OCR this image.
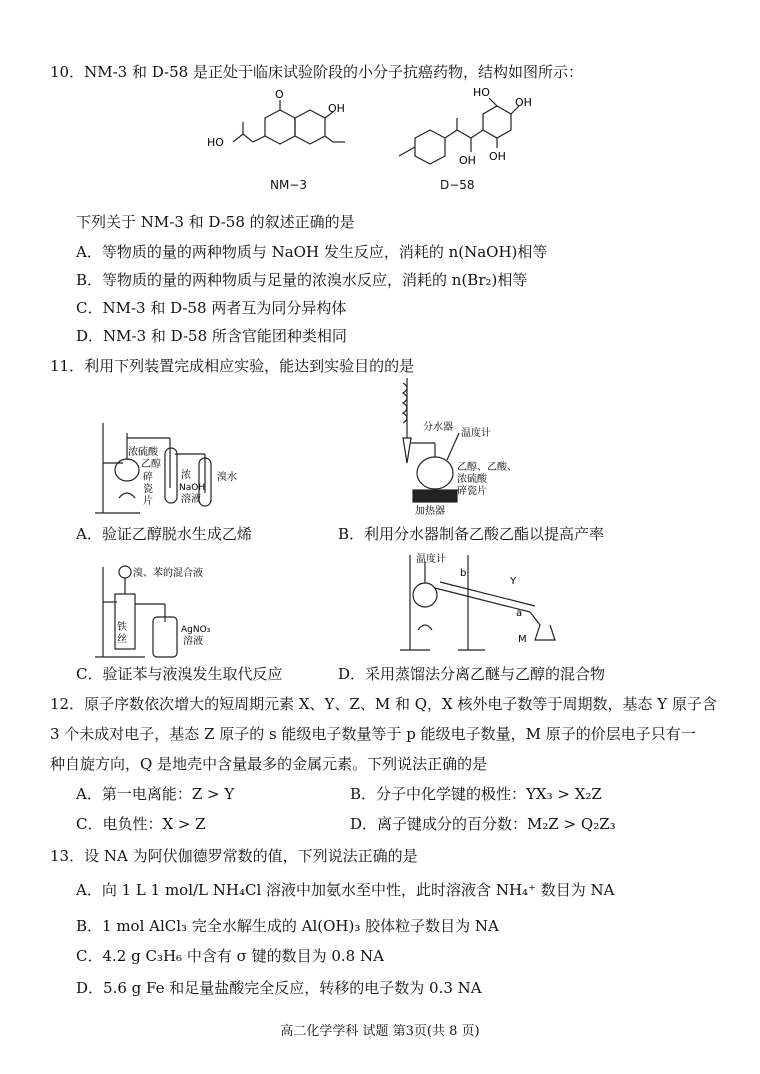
10．NM-3 和 D-58 是正处于临床试验阶段的小分子抗癌药物，结构如图所示：
O
OH
HO
NM−3
HO
OH
OH OH
D−58
下列关于 NM-3 和 D-58 的叙述正确的是
A．等物质的量的两种物质与 NaOH 发生反应，消耗的 n(NaOH)相等
B．等物质的量的两种物质与足量的浓溴水反应，消耗的 n(Br₂)相等
C．NM-3 和 D-58 两者互为同分异构体
D．NM-3 和 D-58 所含官能团种类相同
11．利用下列装置完成相应实验，能达到实验目的的是
浓硫酸
乙醇
碎
瓷
片
浓
NaOH
溶液
溴水
A．验证乙醇脱水生成乙烯
分水器
温度计
乙醇、乙酸、
浓硫酸
碎瓷片
加热器
B．利用分水器制备乙酸乙酯以提高产率
溴、苯的混合液
铁
丝
AgNO₃
溶液
C．验证苯与液溴发生取代反应
温度计
b
Y
a
M
D．采用蒸馏法分离乙醚与乙醇的混合物
12．原子序数依次增大的短周期元素 X、Y、Z、M 和 Q，X 核外电子数等于周期数，基态 Y 原子含
3 个未成对电子，基态 Z 原子的 s 能级电子数量等于 p 能级电子数量，M 原子的价层电子只有一
种自旋方向，Q 是地壳中含量最多的金属元素。下列说法正确的是
A．第一电离能：Z > Y	B．分子中化学键的极性：YX₃ > X₂Z
C．电负性：X > Z	D．离子键成分的百分数：M₂Z > Q₂Z₃
13．设 NA 为阿伏伽德罗常数的值，下列说法正确的是
A．向 1 L 1 mol/L NH₄Cl 溶液中加氨水至中性，此时溶液含 NH₄⁺ 数目为 NA
B．1 mol AlCl₃ 完全水解生成的 Al(OH)₃ 胶体粒子数目为 NA
C．4.2 g C₃H₆ 中含有 σ 键的数目为 0.8 NA
D．5.6 g Fe 和足量盐酸完全反应，转移的电子数为 0.3 NA
高二化学学科 试题 第3页(共 8 页)
